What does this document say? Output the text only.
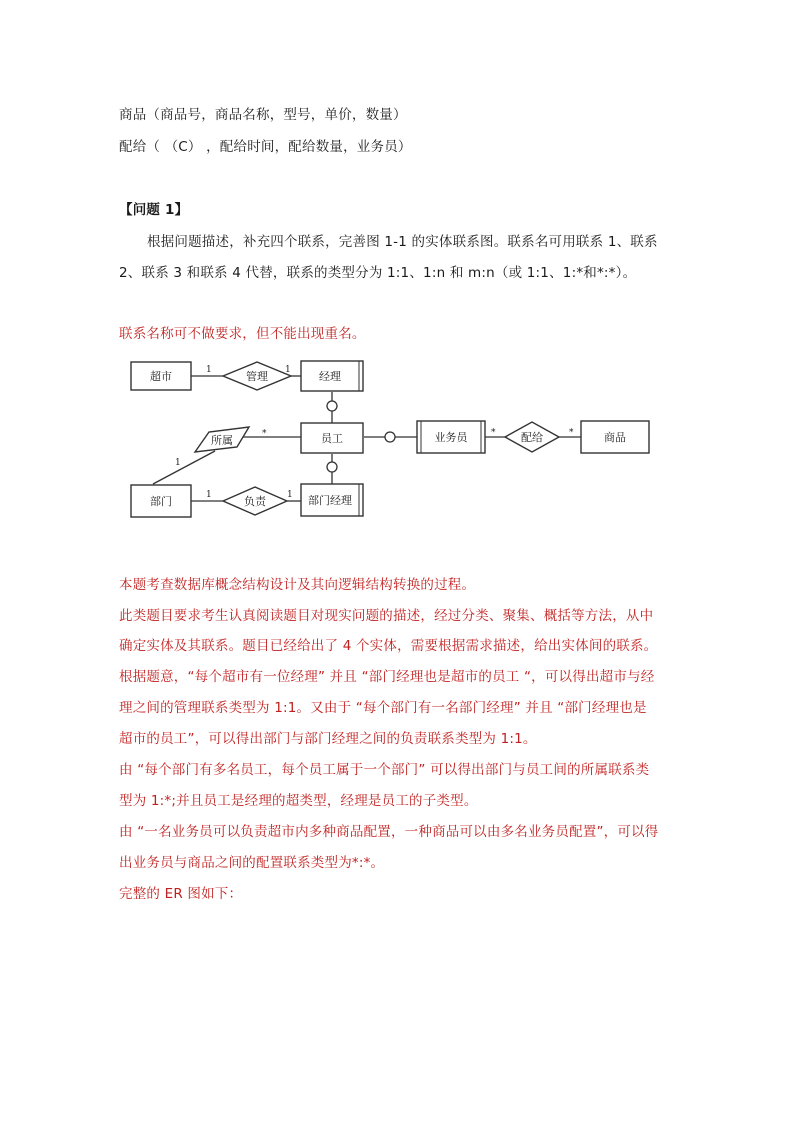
商品（商品号，商品名称，型号，单价，数量）
配给（ （C） ，配给时间，配给数量，业务员）
【问题 1】
根据问题描述，补充四个联系，完善图 1-1 的实体联系图。联系名可用联系 1、联系
2、联系 3 和联系 4 代替，联系的类型分为 1:1、1:n 和 m:n（或 1:1、1:*和*:*）。
联系名称可不做要求，但不能出现重名。
超市	经理
员工	业务员	商品
部门	部门经理
管理
所属
负责
配给
1	1
*
1
1	1
*	*
本题考查数据库概念结构设计及其向逻辑结构转换的过程。
此类题目要求考生认真阅读题目对现实问题的描述，经过分类、聚集、概括等方法，从中
确定实体及其联系。题目已经给出了 4 个实体，需要根据需求描述，给出实体间的联系。
根据题意，“每个超市有一位经理” 并且 “部门经理也是超市的员工 “，可以得出超市与经
理之间的管理联系类型为 1:1。又由于 “每个部门有一名部门经理” 并且 “部门经理也是
超市的员工”，可以得出部门与部门经理之间的负责联系类型为 1:1。
由 “每个部门有多名员工，每个员工属于一个部门” 可以得出部门与员工间的所属联系类
型为 1:*;并且员工是经理的超类型，经理是员工的子类型。
由 “一名业务员可以负责超市内多种商品配置，一种商品可以由多名业务员配置”，可以得
出业务员与商品之间的配置联系类型为*:*。
完整的 ER 图如下：
